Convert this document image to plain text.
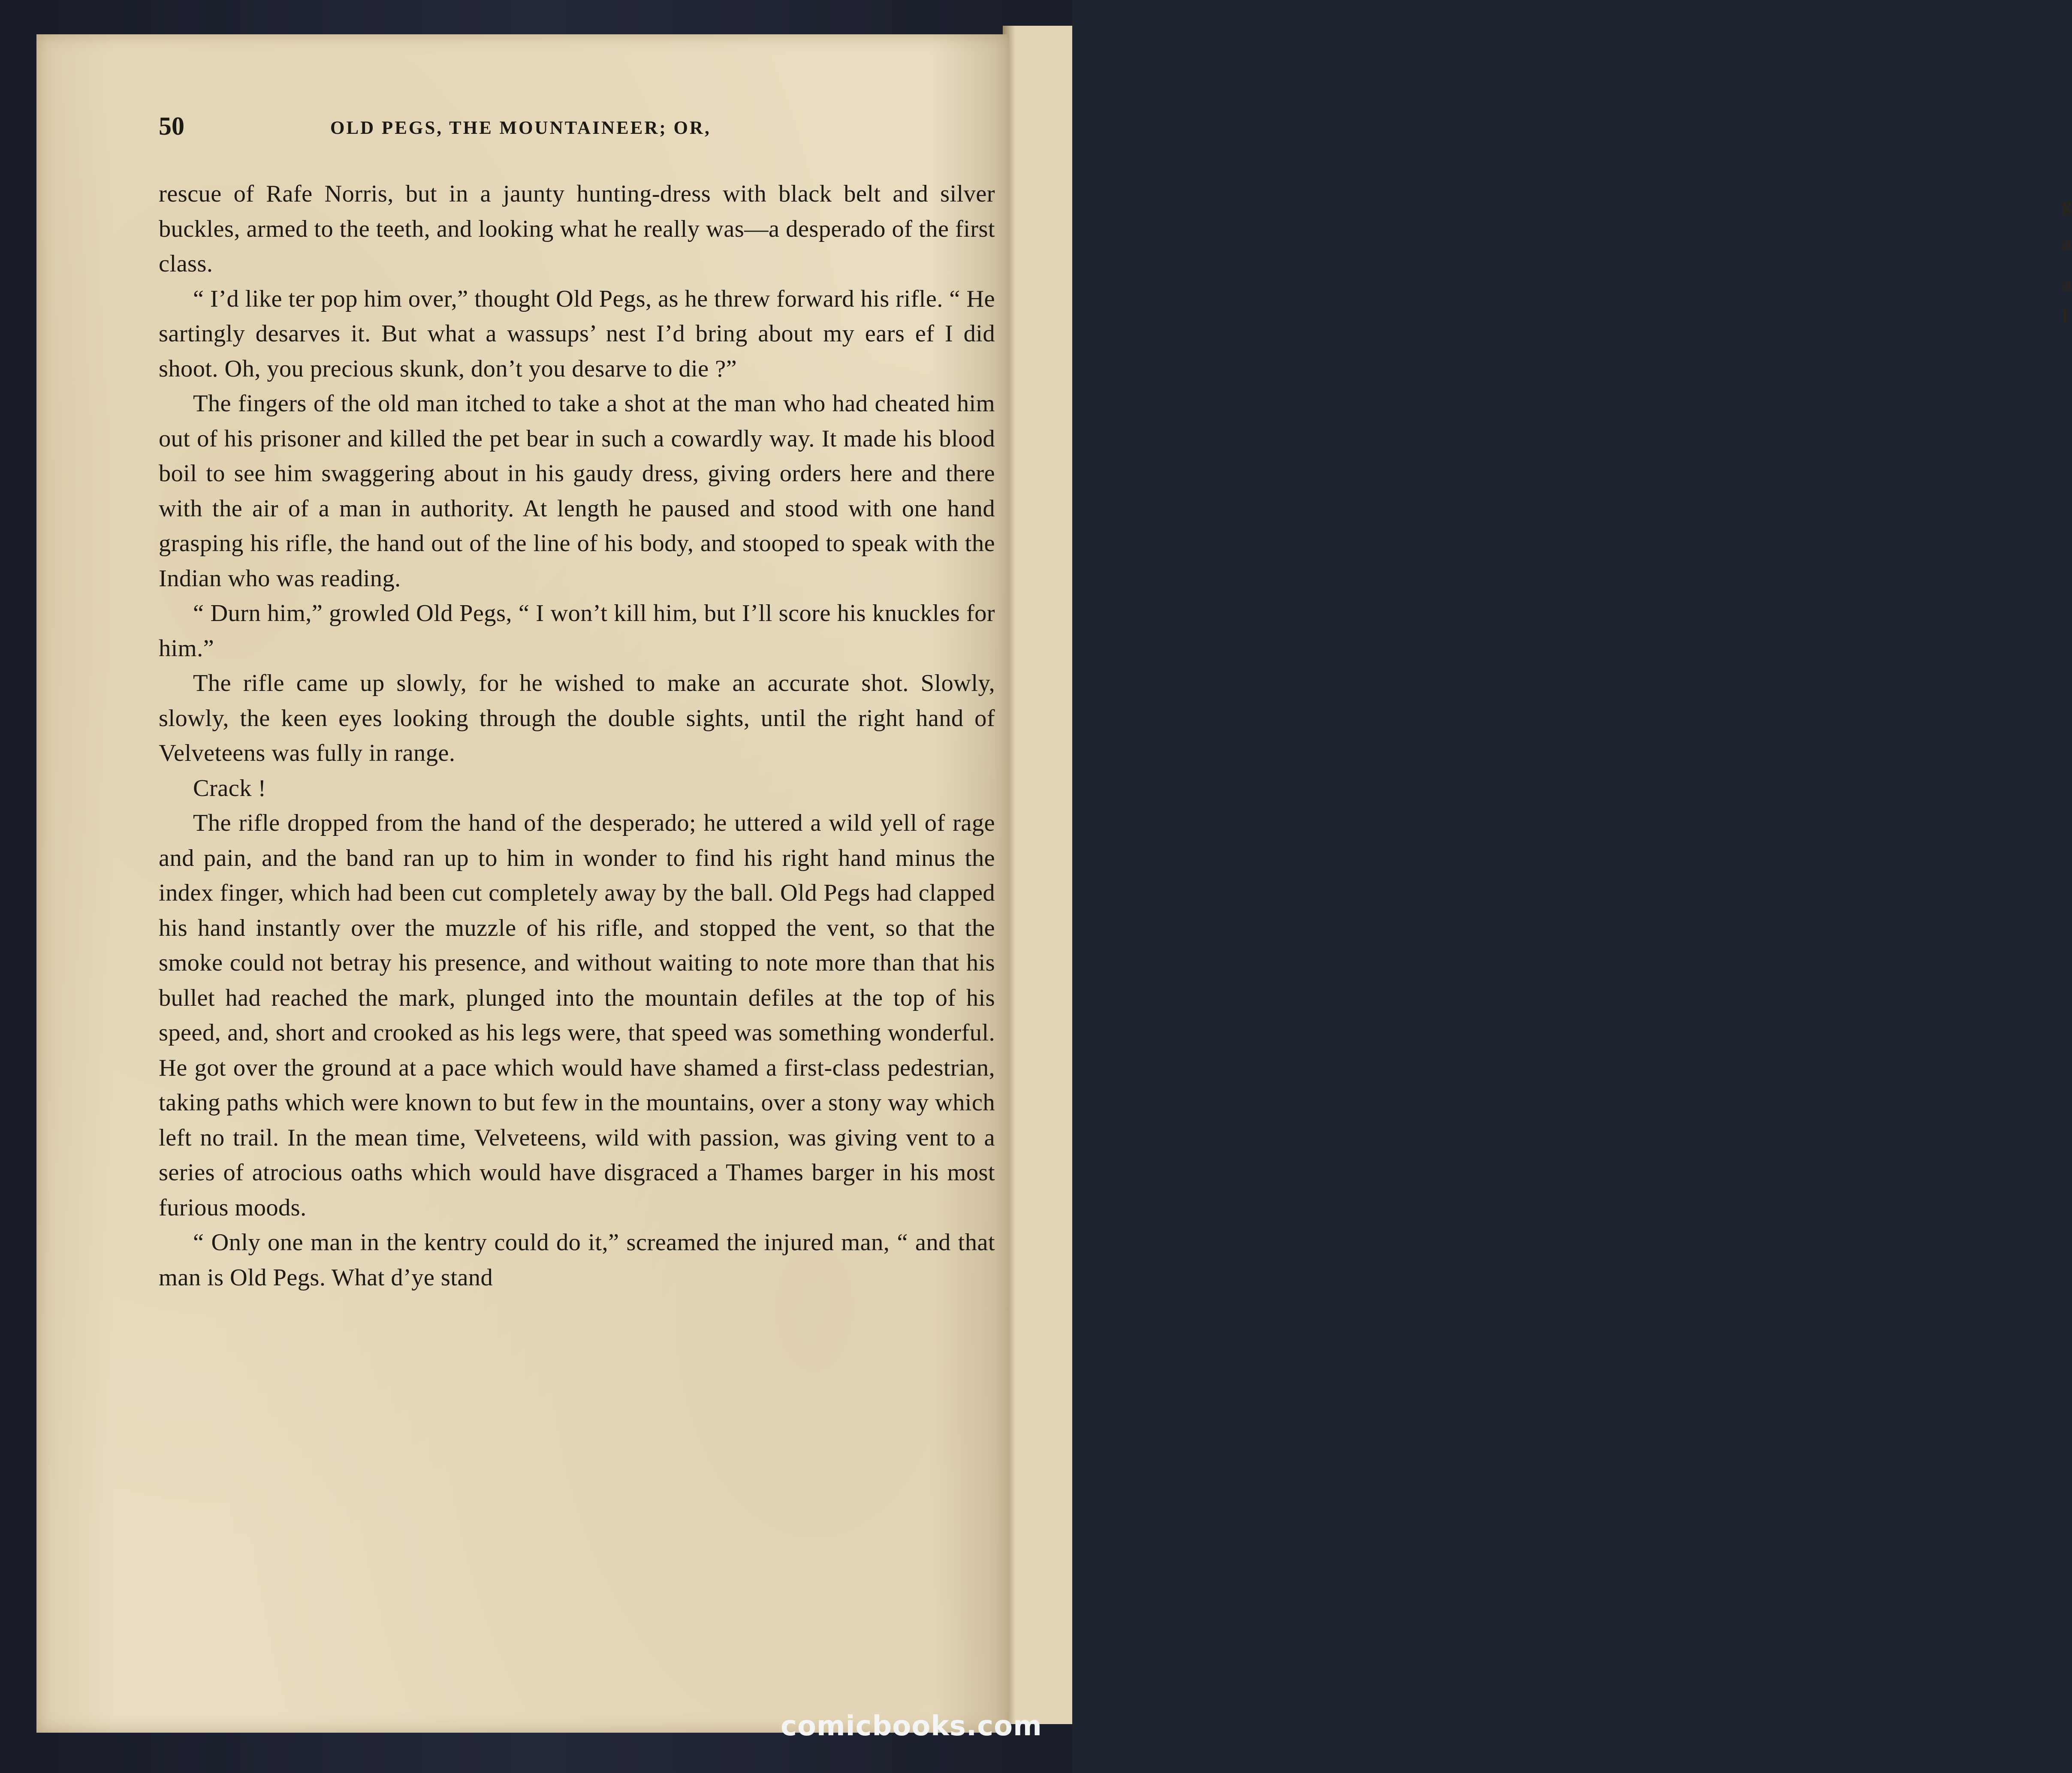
g
a
a
l
50	OLD PEGS, THE MOUNTAINEER; OR,

rescue of Rafe Norris, but in a jaunty hunting-dress with black belt and silver buckles, armed to the teeth, and looking what he really was—a desperado of the first class.

“ I’d like ter pop him over,” thought Old Pegs, as he threw forward his rifle. “ He sartingly desarves it. But what a wassups’ nest I’d bring about my ears ef I did shoot. Oh, you precious skunk, don’t you desarve to die ?”

The fingers of the old man itched to take a shot at the man who had cheated him out of his prisoner and killed the pet bear in such a cowardly way. It made his blood boil to see him swaggering about in his gaudy dress, giving orders here and there with the air of a man in authority. At length he paused and stood with one hand grasping his rifle, the hand out of the line of his body, and stooped to speak with the Indian who was reading.

“ Durn him,” growled Old Pegs, “ I won’t kill him, but I’ll score his knuckles for him.”

The rifle came up slowly, for he wished to make an accurate shot. Slowly, slowly, the keen eyes looking through the double sights, until the right hand of Velveteens was fully in range.

Crack !

The rifle dropped from the hand of the desperado; he uttered a wild yell of rage and pain, and the band ran up to him in wonder to find his right hand minus the index finger, which had been cut completely away by the ball. Old Pegs had clapped his hand instantly over the muzzle of his rifle, and stopped the vent, so that the smoke could not betray his presence, and without waiting to note more than that his bullet had reached the mark, plunged into the mountain defiles at the top of his speed, and, short and crooked as his legs were, that speed was something wonderful. He got over the ground at a pace which would have shamed a first-class pedestrian, taking paths which were known to but few in the mountains, over a stony way which left no trail. In the mean time, Velveteens, wild with passion, was giving vent to a series of atrocious oaths which would have disgraced a Thames barger in his most furious moods.

“ Only one man in the kentry could do it,” screamed the injured man, “ and that man is Old Pegs. What d’ye stand

comicbooks.com
